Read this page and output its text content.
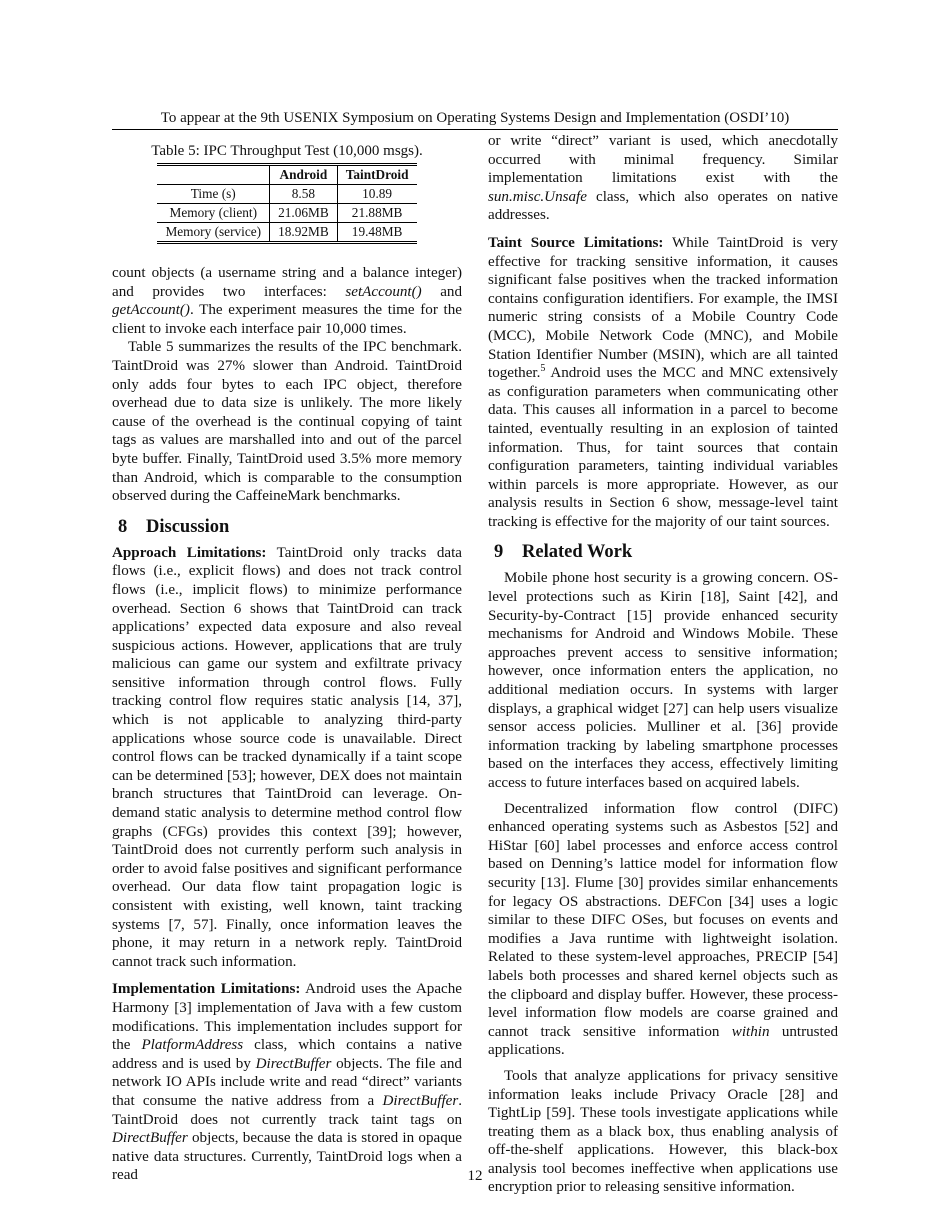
To appear at the 9th USENIX Symposium on Operating Systems Design and Implementation (OSDI’10)
Table 5: IPC Throughput Test (10,000 msgs).
	Android	TaintDroid
Time (s)	8.58	10.89
Memory (client)	21.06MB	21.88MB
Memory (service)	18.92MB	19.48MB

count objects (a username string and a balance integer) and provides two interfaces: setAccount() and getAccount(). The experiment measures the time for the client to invoke each interface pair 10,000 times.

Table 5 summarizes the results of the IPC benchmark. TaintDroid was 27% slower than Android. TaintDroid only adds four bytes to each IPC object, therefore overhead due to data size is unlikely. The more likely cause of the overhead is the continual copying of taint tags as values are marshalled into and out of the parcel byte buffer. Finally, TaintDroid used 3.5% more memory than Android, which is comparable to the consumption observed during the CaffeineMark benchmarks.

8 Discussion

Approach Limitations: TaintDroid only tracks data flows (i.e., explicit flows) and does not track control flows (i.e., implicit flows) to minimize performance overhead. Section 6 shows that TaintDroid can track applications’ expected data exposure and also reveal suspicious actions. However, applications that are truly malicious can game our system and exfiltrate privacy sensitive information through control flows. Fully tracking control flow requires static analysis [14, 37], which is not applicable to analyzing third-party applications whose source code is unavailable. Direct control flows can be tracked dynamically if a taint scope can be determined [53]; however, DEX does not maintain branch structures that TaintDroid can leverage. On-demand static analysis to determine method control flow graphs (CFGs) provides this context [39]; however, TaintDroid does not currently perform such analysis in order to avoid false positives and significant performance overhead. Our data flow taint propagation logic is consistent with existing, well known, taint tracking systems [7, 57]. Finally, once information leaves the phone, it may return in a network reply. TaintDroid cannot track such information.

Implementation Limitations: Android uses the Apache Harmony [3] implementation of Java with a few custom modifications. This implementation includes support for the PlatformAddress class, which contains a native address and is used by DirectBuffer objects. The file and network IO APIs include write and read “direct” variants that consume the native address from a DirectBuffer. TaintDroid does not currently track taint tags on DirectBuffer objects, because the data is stored in opaque native data structures. Currently, TaintDroid logs when a read

or write “direct” variant is used, which anecdotally occurred with minimal frequency. Similar implementation limitations exist with the sun.misc.Unsafe class, which also operates on native addresses.

Taint Source Limitations: While TaintDroid is very effective for tracking sensitive information, it causes significant false positives when the tracked information contains configuration identifiers. For example, the IMSI numeric string consists of a Mobile Country Code (MCC), Mobile Network Code (MNC), and Mobile Station Identifier Number (MSIN), which are all tainted together.$^5$ Android uses the MCC and MNC extensively as configuration parameters when communicating other data. This causes all information in a parcel to become tainted, eventually resulting in an explosion of tainted information. Thus, for taint sources that contain configuration parameters, tainting individual variables within parcels is more appropriate. However, as our analysis results in Section 6 show, message-level taint tracking is effective for the majority of our taint sources.

9 Related Work

Mobile phone host security is a growing concern. OS-level protections such as Kirin [18], Saint [42], and Security-by-Contract [15] provide enhanced security mechanisms for Android and Windows Mobile. These approaches prevent access to sensitive information; however, once information enters the application, no additional mediation occurs. In systems with larger displays, a graphical widget [27] can help users visualize sensor access policies. Mulliner et al. [36] provide information tracking by labeling smartphone processes based on the interfaces they access, effectively limiting access to future interfaces based on acquired labels.

Decentralized information flow control (DIFC) enhanced operating systems such as Asbestos [52] and HiStar [60] label processes and enforce access control based on Denning’s lattice model for information flow security [13]. Flume [30] provides similar enhancements for legacy OS abstractions. DEFCon [34] uses a logic similar to these DIFC OSes, but focuses on events and modifies a Java runtime with lightweight isolation. Related to these system-level approaches, PRECIP [54] labels both processes and shared kernel objects such as the clipboard and display buffer. However, these process-level information flow models are coarse grained and cannot track sensitive information within untrusted applications.

Tools that analyze applications for privacy sensitive information leaks include Privacy Oracle [28] and TightLip [59]. These tools investigate applications while treating them as a black box, thus enabling analysis of off-the-shelf applications. However, this black-box analysis tool becomes ineffective when applications use encryption prior to releasing sensitive information.

12
